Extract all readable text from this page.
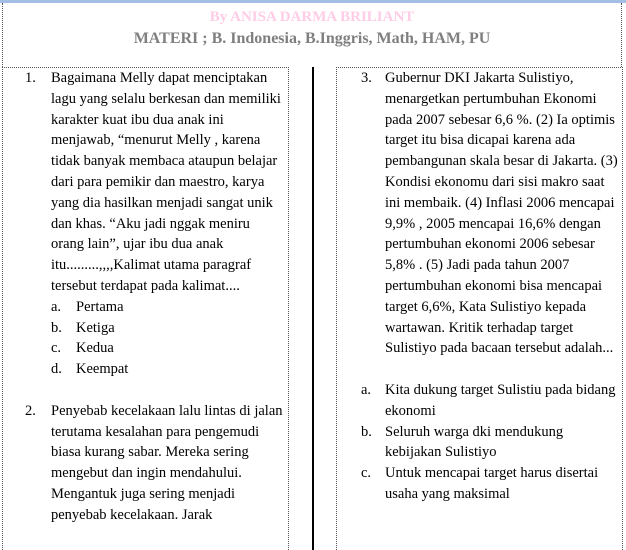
By ANISA DARMA BRILIANT
MATERI ; B. Indonesia, B.Inggris, Math, HAM, PU
1. Bagaimana Melly dapat menciptakan lagu yang selalu berkesan dan memiliki karakter kuat ibu dua anak ini menjawab, “menurut Melly , karena tidak banyak membaca ataupun belajar dari para pemikir dan maestro, karya yang dia hasilkan menjadi sangat unik dan khas. “Aku jadi nggak meniru orang lain”, ujar ibu dua anak itu.........,,,,Kalimat utama paragraf tersebut terdapat pada kalimat....
a. Pertama
b. Ketiga
c. Kedua
d. Keempat
2. Penyebab kecelakaan lalu lintas di jalan terutama kesalahan para pengemudi biasa kurang sabar. Mereka sering mengebut dan ingin mendahului. Mengantuk juga sering menjadi penyebab kecelakaan. Jarak
3. Gubernur DKI Jakarta Sulistiyo, menargetkan pertumbuhan Ekonomi pada 2007 sebesar 6,6 %. (2) Ia optimis target itu bisa dicapai karena ada pembangunan skala besar di Jakarta. (3) Kondisi ekonomu dari sisi makro saat ini membaik. (4) Inflasi 2006 mencapai 9,9% , 2005 mencapai 16,6% dengan pertumbuhan ekonomi 2006 sebesar 5,8% . (5) Jadi pada tahun 2007 pertumbuhan ekonomi bisa mencapai target 6,6%, Kata Sulistiyo kepada wartawan. Kritik terhadap target Sulistiyo pada bacaan tersebut adalah...
a. Kita dukung target Sulistiu pada bidang ekonomi
b. Seluruh warga dki mendukung kebijakan Sulistiyo
c. Untuk mencapai target harus disertai usaha yang maksimal
